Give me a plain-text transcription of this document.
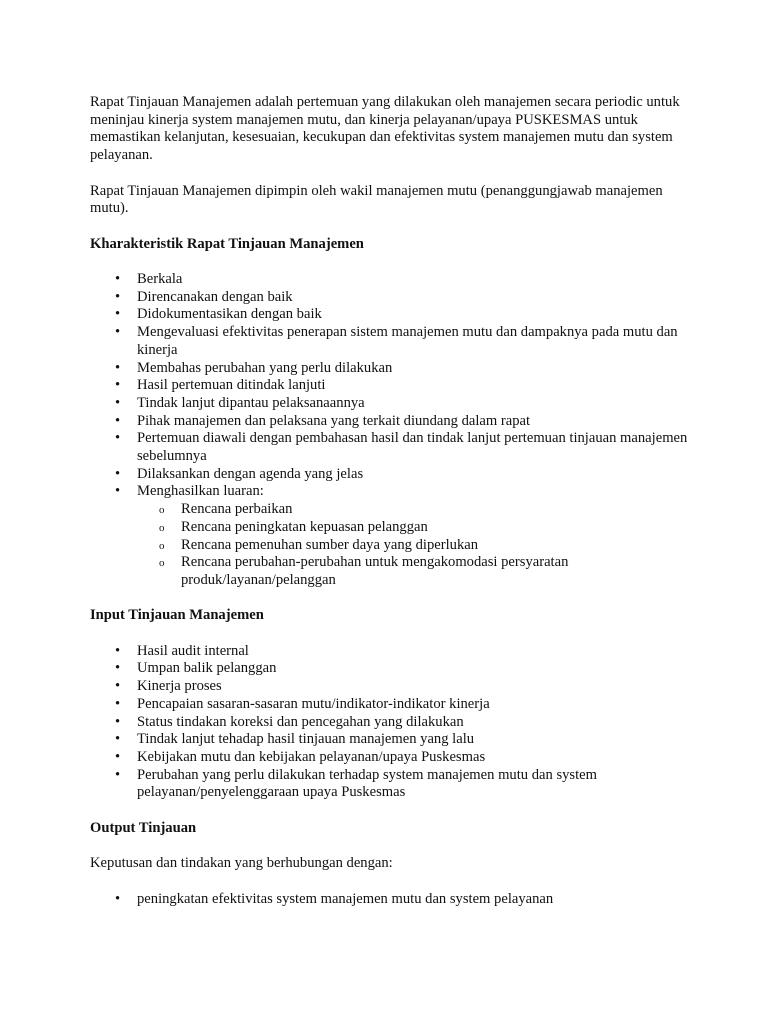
Rapat Tinjauan Manajemen adalah pertemuan yang dilakukan oleh manajemen secara periodic untuk meninjau kinerja system manajemen mutu, dan kinerja pelayanan/upaya PUSKESMAS untuk memastikan kelanjutan, kesesuaian, kecukupan dan efektivitas system manajemen mutu dan system pelayanan.

Rapat Tinjauan Manajemen dipimpin oleh wakil manajemen mutu (penanggungjawab manajemen mutu).

Kharakteristik Rapat Tinjauan Manajemen
• Berkala
• Direncanakan dengan baik
• Didokumentasikan dengan baik
• Mengevaluasi efektivitas penerapan sistem manajemen mutu dan dampaknya pada mutu dan kinerja
• Membahas perubahan yang perlu dilakukan
• Hasil pertemuan ditindak lanjuti
• Tindak lanjut dipantau pelaksanaannya
• Pihak manajemen dan pelaksana yang terkait diundang dalam rapat
• Pertemuan diawali dengan pembahasan hasil dan tindak lanjut pertemuan tinjauan manajemen sebelumnya
• Dilaksankan dengan agenda yang jelas
• Menghasilkan luaran:
o Rencana perbaikan
o Rencana peningkatan kepuasan pelanggan
o Rencana pemenuhan sumber daya yang diperlukan
o Rencana perubahan-perubahan untuk mengakomodasi persyaratan produk/layanan/pelanggan
Input Tinjauan Manajemen
• Hasil audit internal
• Umpan balik pelanggan
• Kinerja proses
• Pencapaian sasaran-sasaran mutu/indikator-indikator kinerja
• Status tindakan koreksi dan pencegahan yang dilakukan
• Tindak lanjut tehadap hasil tinjauan manajemen yang lalu
• Kebijakan mutu dan kebijakan pelayanan/upaya Puskesmas
• Perubahan yang perlu dilakukan terhadap system manajemen mutu dan system pelayanan/penyelenggaraan upaya Puskesmas
Output Tinjauan

Keputusan dan tindakan yang berhubungan dengan:

• peningkatan efektivitas system manajemen mutu dan system pelayanan
